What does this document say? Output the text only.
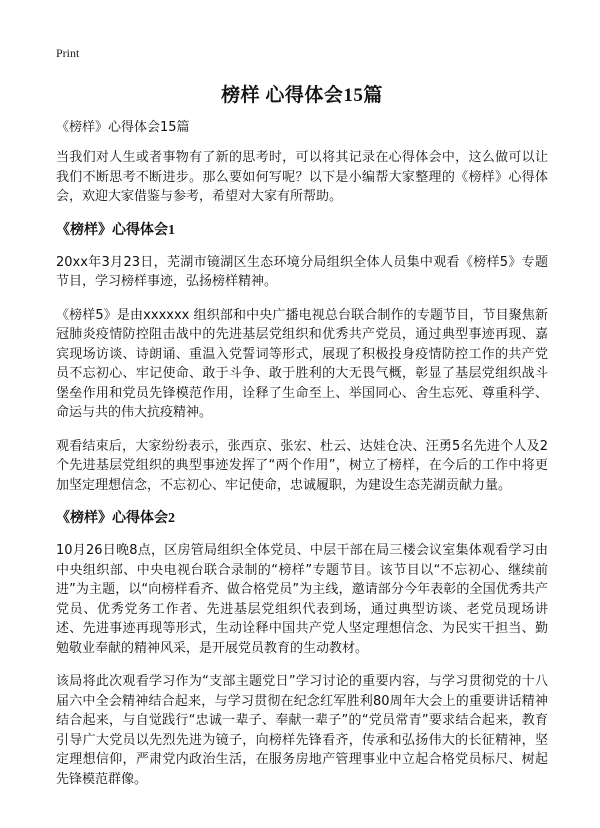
Print
榜样 心得体会15篇
《榜样》心得体会15篇

当我们对人生或者事物有了新的思考时，可以将其记录在心得体会中，这么做可以让我们不断思考不断进步。那么要如何写呢？以下是小编帮大家整理的《榜样》心得体会，欢迎大家借鉴与参考，希望对大家有所帮助。

《榜样》心得体会1

20xx年3月23日，芜湖市镜湖区生态环境分局组织全体人员集中观看《榜样5》专题节目，学习榜样事迹，弘扬榜样精神。

《榜样5》是由xxxxxx 组织部和中央广播电视总台联合制作的专题节目，节目聚焦新冠肺炎疫情防控阻击战中的先进基层党组织和优秀共产党员，通过典型事迹再现、嘉宾现场访谈、诗朗诵、重温入党誓词等形式，展现了积极投身疫情防控工作的共产党员不忘初心、牢记使命、敢于斗争、敢于胜利的大无畏气概，彰显了基层党组织战斗堡垒作用和党员先锋模范作用，诠释了生命至上、举国同心、舍生忘死、尊重科学、命运与共的伟大抗疫精神。

观看结束后，大家纷纷表示，张西京、张宏、杜云、达娃仓决、汪勇5名先进个人及2个先进基层党组织的典型事迹发挥了“两个作用”，树立了榜样，在今后的工作中将更加坚定理想信念，不忘初心、牢记使命，忠诚履职，为建设生态芜湖贡献力量。

《榜样》心得体会2

10月26日晚8点，区房管局组织全体党员、中层干部在局三楼会议室集体观看学习由中央组织部、中央电视台联合录制的“榜样”专题节目。该节目以“不忘初心、继续前进”为主题，以“向榜样看齐、做合格党员”为主线，邀请部分今年表彰的全国优秀共产党员、优秀党务工作者、先进基层党组织代表到场，通过典型访谈、老党员现场讲述、先进事迹再现等形式，生动诠释中国共产党人坚定理想信念、为民实干担当、勤勉敬业奉献的精神风采，是开展党员教育的生动教材。

该局将此次观看学习作为“支部主题党日”学习讨论的重要内容，与学习贯彻党的十八届六中全会精神结合起来，与学习贯彻在纪念红军胜利80周年大会上的重要讲话精神结合起来，与自觉践行“忠诚一辈子、奉献一辈子”的“党员常青”要求结合起来，教育引导广大党员以先烈先进为镜子，向榜样先锋看齐，传承和弘扬伟大的长征精神，坚定理想信仰，严肃党内政治生活，在服务房地产管理事业中立起合格党员标尺、树起先锋模范群像。
